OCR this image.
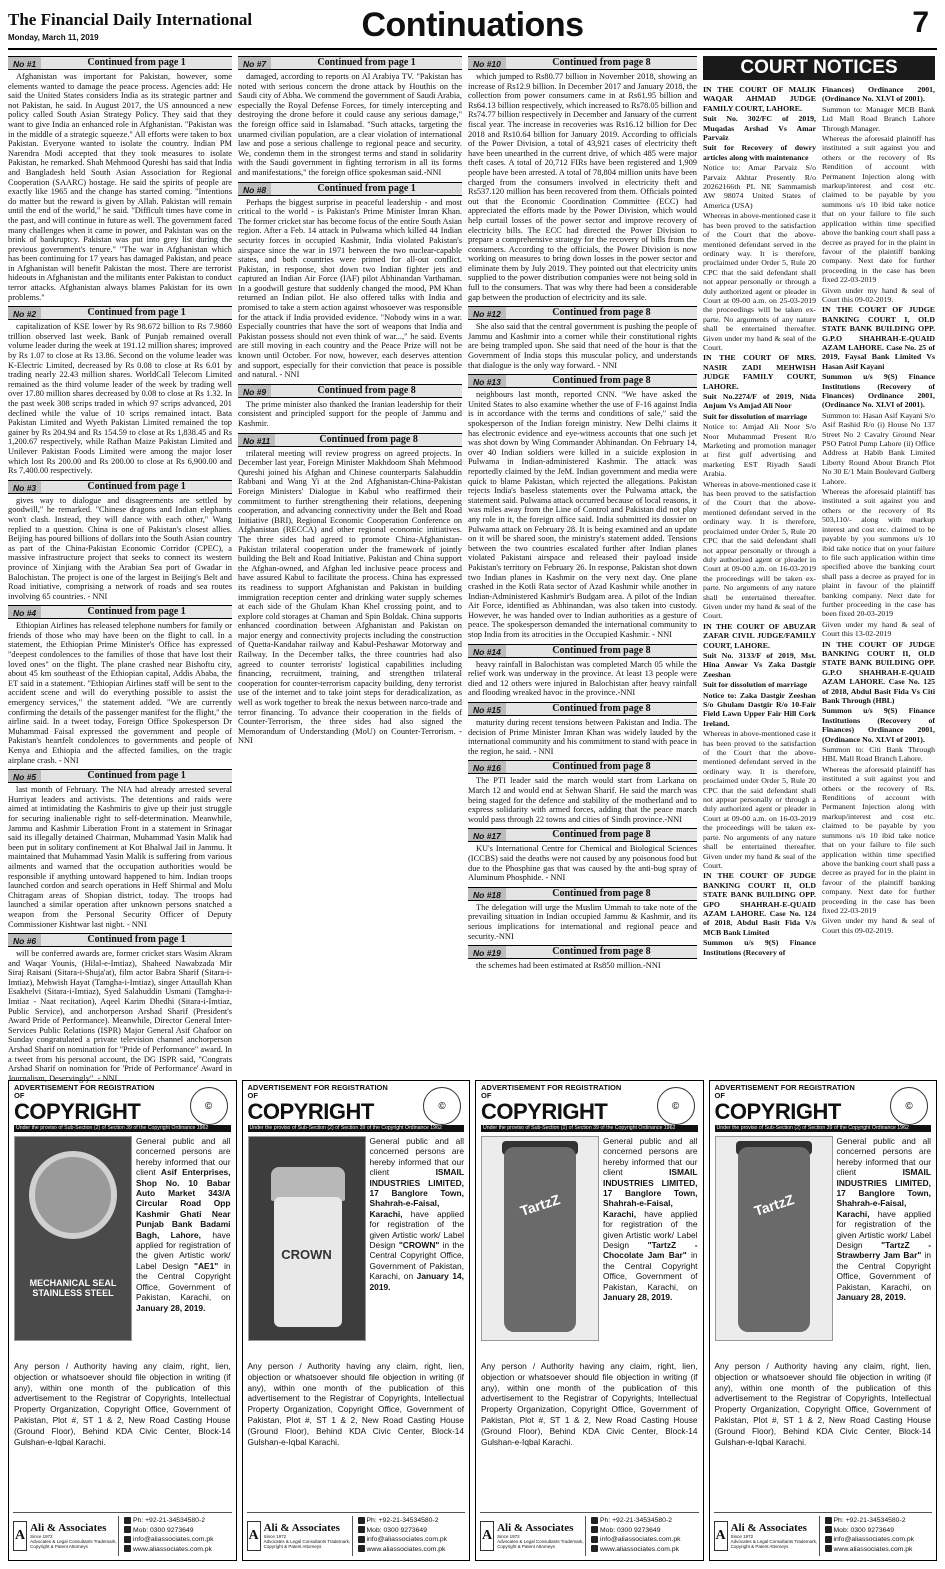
The Financial Daily International
Monday, March 11, 2019	Continuations	7
No #1	Continued from page 1

Afghanistan was important for Pakistan, however, some elements wanted to damage the peace process. Agencies add: He said the United States considers India as its strategic partner and not Pakistan, he said. In August 2017, the US announced a new policy called South Asian Strategy Policy. They said that they want to give India an enhanced role in Afghanistan. "Pakistan was in the middle of a strategic squeeze." All efforts were taken to box Pakistan. Everyone wanted to isolate the country. Indian PM Narendra Modi accepted that they took measures to isolate Pakistan, he remarked. Shah Mehmood Qureshi has said that India and Bangladesh held South Asian Association for Regional Cooperation (SAARC) hostage. He said the spirits of people are exactly like 1965 and the change has started coming. "Intentions do matter but the reward is given by Allah. Pakistan will remain until the end of the world," he said. "Difficult times have come in the past, and will continue in future as well. The government faced many challenges when it came in power, and Pakistan was on the brink of bankruptcy. Pakistan was put into grey list during the previous government's tenure." "The war in Afghanistan which has been continuing for 17 years has damaged Pakistan, and peace in Afghanistan will benefit Pakistan the most. There are terrorist hideouts in Afghanistan and the militants enter Pakistan to conduct terror attacks. Afghanistan always blames Pakistan for its own problems."

No #2	Continued from page 1

capitalization of KSE lower by Rs 98.672 billion to Rs 7.9860 trillion observed last week. Bank of Punjab remained overall volume leader during the week at 191.12 million shares; improved by Rs 1.07 to close at Rs 13.86. Second on the volume leader was K-Electric Limited, decreased by Rs 0.08 to close at Rs 6.01 by trading nearly 22.43 million shares. WorldCall Telecom Limited remained as the third volume leader of the week by trading well over 17.80 million shares decreased by 0.08 to close at Rs 1.32. In the past week 308 scrips traded in which 97 scrips advanced, 201 declined while the value of 10 scrips remained intact. Bata Pakistan Limited and Wyeth Pakistan Limited remained the top gainer by Rs 204.94 and Rs 154.59 to close at Rs 1,838.45 and Rs 1,200.67 respectively, while Rafhan Maize Pakistan Limited and Unilever Pakistan Foods Limited were among the major loser which lost Rs 200.00 and Rs 200.00 to close at Rs 6,900.00 and Rs 7,400.00 respectively.

No #3	Continued from page 1

gives way to dialogue and disagreements are settled by goodwill," he remarked. "Chinese dragons and Indian elephants won't clash. Instead, they will dance with each other," Wang replied to a question. China is one of Pakistan's closest allies. Beijing has poured billions of dollars into the South Asian country as part of the China-Pakistan Economic Corridor (CPEC), a massive infrastructure project that seeks to connect its western province of Xinjiang with the Arabian Sea port of Gwadar in Balochistan. The project is one of the largest in Beijing's Belt and Road initiative, comprising a network of roads and sea routes involving 65 countries. - NNI

No #4	Continued from page 1

Ethiopian Airlines has released telephone numbers for family or friends of those who may have been on the flight to call. In a statement, the Ethiopian Prime Minister's Office has expressed "deepest condolences to the families of those that have lost their loved ones" on the flight. The plane crashed near Bishoftu city, about 45 km southeast of the Ethiopian capital, Addis Ababa, the ET said in a statement. "Ethiopian Airlines staff will be sent to the accident scene and will do everything possible to assist the emergency services," the statement added. "We are currently confirming the details of the passenger manifest for the flight," the airline said. In a tweet today, Foreign Office Spokesperson Dr Muhammad Faisal expressed the government and people of Pakistan's heartfelt condolences to governments and people of Kenya and Ethiopia and the affected families, on the tragic airplane crash. - NNI

No #5	Continued from page 1

last month of February. The NIA had already arrested several Hurriyat leaders and activists. The detentions and raids were aimed at intimidating the Kashmiris to give up their just struggle for securing inalienable right to self-determination. Meanwhile, Jammu and Kashmir Liberation Front in a statement in Srinagar said its illegally detained Chairman, Muhammad Yasin Malik had been put in solitary confinement at Kot Bhalwal Jail in Jammu. It maintained that Muhammad Yasin Malik is suffering from various ailments and warned that the occupation authorities would be responsible if anything untoward happened to him. Indian troops launched cordon and search operations in Heff Shirmal and Molu Chitragam areas of Shopian district, today. The troops had launched a similar operation after unknown persons snatched a weapon from the Personal Security Officer of Deputy Commissioner Kishtwar last night. - NNI

No #6	Continued from page 1

will be conferred awards are, former cricket stars Wasim Akram and Waqar Younis, (Hilal-e-Imtiaz), Shaheed Nawabzada Mir Siraj Raisani (Sitara-i-Shuja'at), film actor Babra Sharif (Sitara-i-Imtiaz), Mehwish Hayat (Tamgha-i-Imtiaz), singer Attaullah Khan Esakhelvi (Sitara-i-Imtiaz), Syed Salahuddin Usmani (Tamgha-i-Imtiaz - Naat recitation), Aqeel Karim Dhedhi (Sitara-i-Imtiaz, Public Service), and anchorperson Arshad Sharif (President's Award Pride of Performance). Meanwhile, Director General Inter-Services Public Relations (ISPR) Major General Asif Ghafoor on Sunday congratulated a private television channel anchorperson Arshad Sharif on nomination for "Pride of Performance" award. In a tweet from his personal account, the DG ISPR said, "Congrats Arshad Sharif on nomination for 'Pride of Performance' Award in Journalism, Deservingly". - NNI

No #7	Continued from page 1

damaged, according to reports on Al Arabiya TV. "Pakistan has noted with serious concern the drone attack by Houthis on the Saudi city of Abha. We commend the government of Saudi Arabia, especially the Royal Defense Forces, for timely intercepting and destroying the drone before it could cause any serious damage," the foreign office said in Islamabad. "Such attacks, targeting the unarmed civilian population, are a clear violation of international law and pose a serious challenge to regional peace and security. We, condemn them in the strongest terms and stand in solidarity with the Saudi government in fighting terrorism in all its forms and manifestations," the foreign office spokesman said.-NNI

No #8	Continued from page 1

Perhaps the biggest surprise in peaceful leadership - and most critical to the world - is Pakistan's Prime Minister Imran Khan. The former cricket star has become focus of the entire South Asian region. After a Feb. 14 attack in Pulwama which killed 44 Indian security forces in occupied Kashmir, India violated Pakistan's airspace since the war in 1971 between the two nuclear-capable states, and both countries were primed for all-out conflict. Pakistan, in response, shot down two Indian fighter jets and captured an Indian Air Force (IAF) pilot Abhinandan Varthaman. In a goodwill gesture that suddenly changed the mood, PM Khan returned an Indian pilot. He also offered talks with India and promised to take a stern action against whosoever was responsible for the attack if India provided evidence. "Nobody wins in a war. Especially countries that have the sort of weapons that India and Pakistan possess should not even think of war...," he said. Events are still moving in each country and the Peace Prize will not be known until October. For now, however, each deserves attention and support, especially for their conviction that peace is possible and natural. - NNI

No #9	Continued from page 8

The prime minister also thanked the Iranian leadership for their consistent and principled support for the people of Jammu and Kashmir.

No #11	Continued from page 8

trilateral meeting will review progress on agreed projects. In December last year, Foreign Minister Makhdoom Shah Mehmood Qureshi joined his Afghan and Chinese counterparts Salahuddin Rabbani and Wang Yi at the 2nd Afghanistan-China-Pakistan Foreign Ministers' Dialogue in Kabul who reaffirmed their commitment to further strengthening their relations, deepening cooperation, and advancing connectivity under the Belt and Road Initiative (BRI), Regional Economic Cooperation Conference on Afghanistan (RECCA) and other regional economic initiatives. The three sides had agreed to promote China-Afghanistan-Pakistan trilateral cooperation under the framework of jointly building the Belt and Road Initiative. Pakistan and China support the Afghan-owned, and Afghan led inclusive peace process and have assured Kabul to facilitate the process. China has expressed its readiness to support Afghanistan and Pakistan in building immigration reception center and drinking water supply schemes at each side of the Ghulam Khan Khel crossing point, and to explore cold storages at Chaman and Spin Boldak. China supports enhanced coordination between Afghanistan and Pakistan on major energy and connectivity projects including the construction of Quetta-Kandahar railway and Kabul-Peshawar Motorway and Railway. In the December talks, the three countries had also agreed to counter terrorists' logistical capabilities including financing, recruitment, training, and strengthen trilateral cooperation for counter-terrorism capacity building, deny terrorist use of the internet and to take joint steps for deradicalization, as well as work together to break the nexus between narco-trade and terror financing. To advance their cooperation in the fields of Counter-Terrorism, the three sides had also signed the Memorandum of Understanding (MoU) on Counter-Terrorism. - NNI

No #10	Continued from page 8

which jumped to Rs80.77 billion in November 2018, showing an increase of Rs12.9 billion. In December 2017 and January 2018, the collection from power consumers came in at Rs61.95 billion and Rs64.13 billion respectively, which increased to Rs78.05 billion and Rs74.77 billion respectively in December and January of the current fiscal year. The increase in recoveries was Rs16.12 billion for Dec 2018 and Rs10.64 billion for January 2019. According to officials of the Power Division, a total of 43,921 cases of electricity theft have been unearthed in the current drive, of which 485 were major theft cases. A total of 20,712 FIRs have been registered and 1,909 people have been arrested. A total of 78,804 million units have been charged from the consumers involved in electricity theft and Rs537.120 million has been recovered from them. Officials pointed out that the Economic Coordination Committee (ECC) had appreciated the efforts made by the Power Division, which would help curtail losses of the power sector and improve recovery of electricity bills. The ECC had directed the Power Division to prepare a comprehensive strategy for the recovery of bills from the consumers. According to the officials, the Power Division is now working on measures to bring down losses in the power sector and eliminate them by July 2019. They pointed out that electricity units supplied to the power distribution companies were not being sold in full to the consumers. That was why there had been a considerable gap between the production of electricity and its sale.

No #12	Continued from page 8

She also said that the central government is pushing the people of Jammu and Kashmir into a corner while their constitutional rights are being trampled upon. She said that need of the hour is that the Government of India stops this muscular policy, and understands that dialogue is the only way forward. - NNI

No #13	Continued from page 8

neighbours last month, reported CNN. "We have asked the United States to also examine whether the use of F-16 against India is in accordance with the terms and conditions of sale," said the spokesperson of the Indian foreign ministry. New Delhi claims it has electronic evidence and eye-witness accounts that one such jet was shot down by Wing Commander Abhinandan. On February 14, over 40 Indian soldiers were killed in a suicide explosion in Pulwama in Indian-administered Kashmir. The attack was reportedly claimed by the JeM. Indian government and media were quick to blame Pakistan, which rejected the allegations. Pakistan rejects India's baseless statements over the Pulwama attack, the statement said. Pulwama attack occurred because of local reasons, it was miles away from the Line of Control and Pakistan did not play any role in it, the foreign office said. India submitted its dossier on Pulwama attack on February 28. It is being examined and an update on it will be shared soon, the ministry's statement added. Tensions between the two countries escalated further after Indian planes violated Pakistani airspace and released their payload inside Pakistan's territory on February 26. In response, Pakistan shot down two Indian planes in Kashmir on the very next day. One plane crashed in the Kotli Rata sector of Azad Kashmir while another in Indian-Administered Kashmir's Budgam area. A pilot of the Indian Air Force, identified as Abhinandan, was also taken into custody. However, he was handed over to Indian authorities as a gesture of peace. The spokesperson demanded the international community to stop India from its atrocities in the Occupied Kashmir. - NNI

No #14	Continued from page 8

heavy rainfall in Balochistan was completed March 05 while the relief work was underway in the province. At least 13 people were died and 12 others were injured in Balochistan after heavy rainfall and flooding wreaked havoc in the province.-NNI

No #15	Continued from page 8

maturity during recent tensions between Pakistan and India. The decision of Prime Minister Imran Khan was widely lauded by the international community and his commitment to stand with peace in the region, he said. - NNI

No #16	Continued from page 8

The PTI leader said the march would start from Larkana on March 12 and would end at Sehwan Sharif. He said the march was being staged for the defence and stability of the motherland and to express solidarity with armed forces, adding that the peace march would pass through 22 towns and cities of Sindh province.-NNI

No #17	Continued from page 8

KU's International Centre for Chemical and Biological Sciences (ICCBS) said the deaths were not caused by any poisonous food but due to the Phosphine gas that was caused by the anti-bug spray of Aluminum Phosphide. - NNI

No #18	Continued from page 8

The delegation will urge the Muslim Ummah to take note of the prevailing situation in Indian occupied Jammu & Kashmir, and its serious implications for international and regional peace and security.-NNI

No #19	Continued from page 8

the schemes had been estimated at Rs850 million.-NNI

COURT NOTICES

IN THE COURT OF MALIK WAQAR AHMAD JUDGE FAMILY COURT, LAHORE.

Suit No. 302/FC of 2019, Muqadas Arshad Vs Amar Parvaiz

Suit for Recovery of dowry articles along with maintenance

Notice to: Amar Parvaiz S/o Parvaiz Akhtar Presently R/o 20262166th PL NE Sammamish AW 98074 United States of America (USA)

Whereas in above-mentioned case it has been proved to the satisfaction of the Court that the above-mentioned defendant served in the ordinary way. It is therefore, proclaimed under Order 5, Rule 20 CPC that the said defendant shall not appear personally or through a duly authorized agent or pleader in Court at 09-00 a.m. on 25-03-2019 the proceedings will be taken ex-parte. No arguments of any nature shall be entertained thereafter. Given under my hand & seal of the Court.

IN THE COURT OF MRS. NASIR ZADI MEHWISH JUDGE FAMILY COURT, LAHORE.

Suit No.2274/F of 2019, Nida Anjum Vs Amjad Ali Noor

Suit for dissolution of marriage

Notice to: Amjad Ali Noor S/o Noor Muhammad Present R/o Marketing and promotion manager at first gulf advertising and marketing EST Riyadh Saudi Arabia.

Whereas in above-mentioned case it has been proved to the satisfaction of the Court that the above-mentioned defendant served in the ordinary way. It is therefore, proclaimed under Order 5, Rule 20 CPC that the said defendant shall not appear personally or through a duly authorized agent or pleader in Court at 09-00 a.m. on 16-03-2019 the proceedings will be taken ex-parte. No arguments of any nature shall be entertained thereafter. Given under my hand & seal of the Court.

IN THE COURT OF ABUZAR ZAFAR CIVIL JUDGE/FAMILY COURT, LAHORE.

Suit No. 3133/F of 2019, Mst. Hina Anwar Vs Zaka Dastgir Zeeshan

Suit for dissolution of marriage

Notice to: Zaka Dastgir Zeeshan S/o Ghulam Dastgir R/o 10-Fair Field Lawn Upper Fair Hill Cork Ireland.

Whereas in above-mentioned case it has been proved to the satisfaction of the Court that the above-mentioned defendant served in the ordinary way. It is therefore, proclaimed under Order 5, Rule 20 CPC that the said defendant shall not appear personally or through a duly authorized agent or pleader in Court at 09-00 a.m. on 16-03-2019 the proceedings will be taken ex-parte. No arguments of any nature shall be entertained thereafter. Given under my hand & seal of the Court.

IN THE COURT OF JUDGE BANKING COURT II, OLD STATE BANK BUILDING OPP. GPO SHAHRAH-E-QUAID AZAM LAHORE. Case No. 124 of 2018, Abdul Basit Fida V/s MCB Bank Limited

Summon u/s 9(S) Finance Institutions (Recovery of

Finances) Ordinance 2001, (Ordinance No. XLVI of 2001).

Summon to: Manager MCB Bank Ltd Mall Road Branch Lahore Through Manager.

Whereas the aforesaid plaintiff has instituted a suit against you and others or the recovery of Rs Rendition of account with Permanent Injection along with markup/interest and cost etc. claimed to be payable by you summons u/s 10 ibid take notice that on your failure to file such application within time specified above the banking court shall pass a decree as prayed for in the plaint in favour of the plaintiff banking company. Next date for further proceeding in the case has been fixed 22-03-2019

Given under my hand & seal of Court this 09-02-2019.

IN THE COURT OF JUDGE BANKING COURT I, OLD STATE BANK BUILDING OPP. G.P.O SHAHRAH-E-QUAID AZAM LAHORE. Case No. 25 of 2019, Faysal Bank Limited Vs Hasan Asif Kayani

Summon u/s 9(S) Finance Institutions (Recovery of Finances) Ordinance 2001, (Ordinance No. XLVI of 2001).

Summon to: Hasan Asif Kayani S/o Asif Rashid R/o (i) House No 137 Street No 2 Cavalry Ground Near PSO Patrol Pump Lahore (ii) Office Address at Habib Bank Limited Liberty Round About Branch Plot No 30 E/1 Main Boulevard Gulberg Lahore.

Whereas the aforesaid plaintiff has instituted a suit against you and others or the recovery of Rs 503,110/- along with markup interest and cost etc. claimed to be payable by you summons u/s 10 ibid take notice that on your failure to file such application within time specified above the banking court shall pass a decree as prayed for in plaint in favour of the plaintiff banking company. Next date for further proceeding in the case has been fixed 20-03-2019

Given under my hand & seal of Court this 13-02-2019

IN THE COURT OF JUDGE BANKING COURT II, OLD STATE BANK BUILDING OPP. G.P.O SHAHRAH-E-QUAID AZAM LAHORE. Case No. 125 of 2018, Abdul Basit Fida Vs Citi Bank Through (HBL)

Summon u/s 9(S) Finance Institutions (Recovery of Finances) Ordinance 2001, (Ordinance No. XLVI of 2001).

Summon to: Citi Bank Through HBL Mall Road Branch Lahore.

Whereas the aforesaid plaintiff has instituted a suit against you and others or the recovery of Rs. Renditions of account with Permanent Injection along with markup/interest and cost etc. claimed to be payable by you summons u/s 10 ibid take notice that on your failure to file such application within time specified above the banking court shall pass a decree as prayed for in the plaint in favour of the plaintiff banking company. Next date for further proceeding in the case has been fixed 22-03-2019

Given under my hand & seal of Court this 09-02-2019.

ADVERTISEMENT FOR REGISTRATION OF
COPYRIGHT
Under the proviso of Sub-Section (2) of Section 39 of the Copyright Ordinance 1962
©
MECHANICAL SEAL STAINLESS STEEL
General public and all concerned persons are hereby informed that our client Asif Enterprises, Shop No. 10 Babar Auto Market 343/A Circular Road Opp Kashmir Ghati Near Punjab Bank Badami Bagh, Lahore, have applied for registration of the given Artistic work/ Label Design "AE1" in the Central Copyright Office, Government of Pakistan, Karachi, on January 28, 2019.
Any person / Authority having any claim, right, lien, objection or whatsoever should file objection in writing (if any), within one month of the publication of this advertisement to the Registrar of Copyrights, Intellectual Property Organization, Copyright Office, Government of Pakistan, Plot #, ST 1 & 2, New Road Casting House (Ground Floor), Behind KDA Civic Center, Block-14 Gulshan-e-Iqbal Karachi.
A Ali & Associates
Since 1972
Advocates & Legal Consultants Trademark, Copyright & Patent Attorneys
Ph: +92-21-34534580-2
Mob: 0300 9273649
info@aliassociates.com.pk
www.aliassociates.com.pk
ADVERTISEMENT FOR REGISTRATION OF
COPYRIGHT
Under the proviso of Sub-Section (2) of Section 39 of the Copyright Ordinance 1962
©
CROWN
General public and all concerned persons are hereby informed that our client ISMAIL INDUSTRIES LIMITED, 17 Banglore Town, Shahrah-e-Faisal, Karachi, have applied for registration of the given Artistic work/ Label Design "CROWN" in the Central Copyright Office, Government of Pakistan, Karachi, on January 14, 2019.
Any person / Authority having any claim, right, lien, objection or whatsoever should file objection in writing (if any), within one month of the publication of this advertisement to the Registrar of Copyrights, Intellectual Property Organization, Copyright Office, Government of Pakistan, Plot #, ST 1 & 2, New Road Casting House (Ground Floor), Behind KDA Civic Center, Block-14 Gulshan-e-Iqbal Karachi.
A Ali & Associates
Since 1972
Advocates & Legal Consultants Trademark, Copyright & Patent Attorneys
Ph: +92-21-34534580-2
Mob: 0300 9273649
info@aliassociates.com.pk
www.aliassociates.com.pk
ADVERTISEMENT FOR REGISTRATION OF
COPYRIGHT
Under the proviso of Sub-Section (2) of Section 39 of the Copyright Ordinance 1962
©
TartzZ
General public and all concerned persons are hereby informed that our client ISMAIL INDUSTRIES LIMITED, 17 Banglore Town, Shahrah-e-Faisal, Karachi, have applied for registration of the given Artistic work/ Label Design "TartzZ - Chocolate Jam Bar" in the Central Copyright Office, Government of Pakistan, Karachi, on January 28, 2019.
Any person / Authority having any claim, right, lien, objection or whatsoever should file objection in writing (if any), within one month of the publication of this advertisement to the Registrar of Copyrights, Intellectual Property Organization, Copyright Office, Government of Pakistan, Plot #, ST 1 & 2, New Road Casting House (Ground Floor), Behind KDA Civic Center, Block-14 Gulshan-e-Iqbal Karachi.
A Ali & Associates
Since 1972
Advocates & Legal Consultants Trademark, Copyright & Patent Attorneys
Ph: +92-21-34534580-2
Mob: 0300 9273649
info@aliassociates.com.pk
www.aliassociates.com.pk
ADVERTISEMENT FOR REGISTRATION OF
COPYRIGHT
Under the proviso of Sub-Section (2) of Section 39 of the Copyright Ordinance 1962
©
TartzZ
General public and all concerned persons are hereby informed that our client ISMAIL INDUSTRIES LIMITED, 17 Banglore Town, Shahrah-e-Faisal, Karachi, have applied for registration of the given Artistic work/ Label Design "TartzZ - Strawberry Jam Bar" in the Central Copyright Office, Government of Pakistan, Karachi, on January 28, 2019.
Any person / Authority having any claim, right, lien, objection or whatsoever should file objection in writing (if any), within one month of the publication of this advertisement to the Registrar of Copyrights, Intellectual Property Organization, Copyright Office, Government of Pakistan, Plot #, ST 1 & 2, New Road Casting House (Ground Floor), Behind KDA Civic Center, Block-14 Gulshan-e-Iqbal Karachi.
A Ali & Associates
Since 1972
Advocates & Legal Consultants Trademark, Copyright & Patent Attorneys
Ph: +92-21-34534580-2
Mob: 0300 9273649
info@aliassociates.com.pk
www.aliassociates.com.pk
